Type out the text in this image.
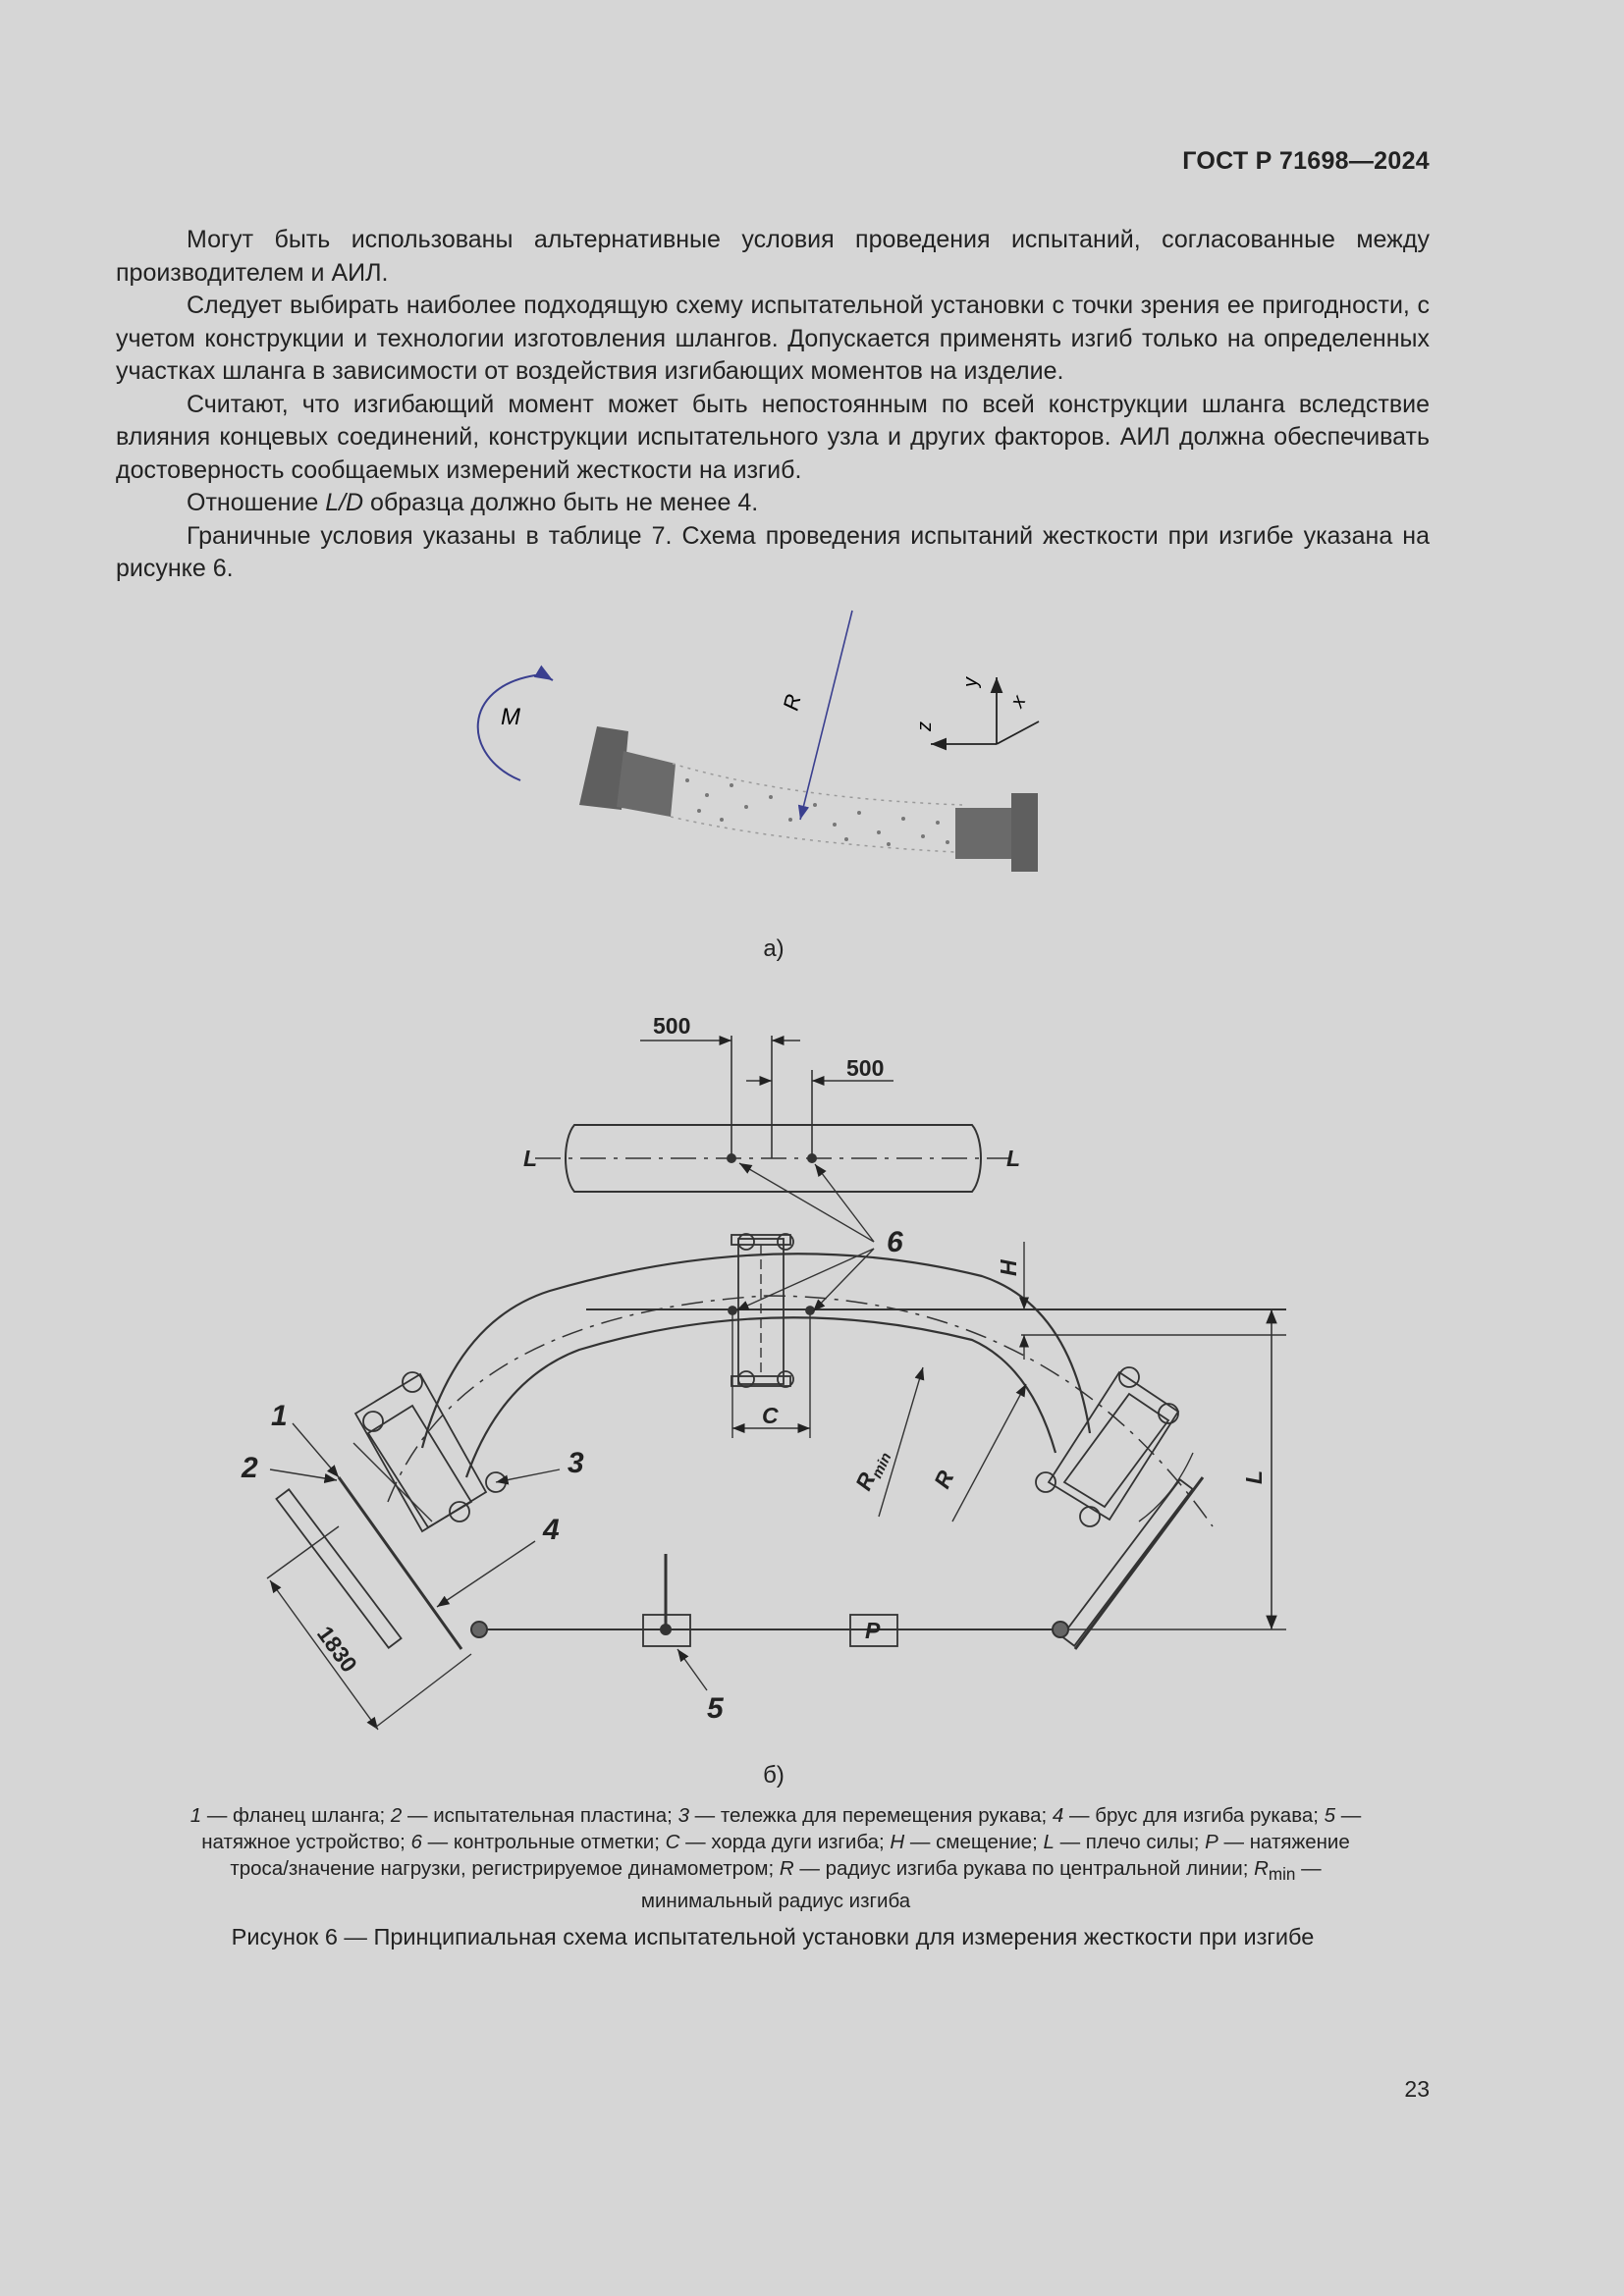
ГОСТ Р 71698—2024

Могут быть использованы альтернативные условия проведения испытаний, согласованные между производителем и АИЛ.

Следует выбирать наиболее подходящую схему испытательной установки с точки зрения ее пригодности, с учетом конструкции и технологии изготовления шлангов. Допускается применять изгиб только на определенных участках шланга в зависимости от воздействия изгибающих моментов на изделие.

Считают, что изгибающий момент может быть непостоянным по всей конструкции шланга вследствие влияния концевых соединений, конструкции испытательного узла и других факторов. АИЛ должна обеспечивать достоверность сообщаемых измерений жесткости на изгиб.

Отношение L/D образца должно быть не менее 4.

Граничные условия указаны в таблице 7. Схема проведения испытаний жесткости при изгибе указана на рисунке 6.

M
R
y
x
z
500
500
L	L
6
H
C
$R_{min}$ R	L
1
2	3
4
5
1830	P
а)
б)
1 — фланец шланга; 2 — испытательная пластина; 3 — тележка для перемещения рукава; 4 — брус для изгиба рукава; 5 — натяжное устройство; 6 — контрольные отметки; C — хорда дуги изгиба; H — смещение; L — плечо силы; P — натяжение троса/значение нагрузки, регистрируемое динамометром; R — радиус изгиба рукава по центральной линии; $R_{min}$ — минимальный радиус изгиба
Рисунок 6 — Принципиальная схема испытательной установки для измерения жесткости при изгибе
23
